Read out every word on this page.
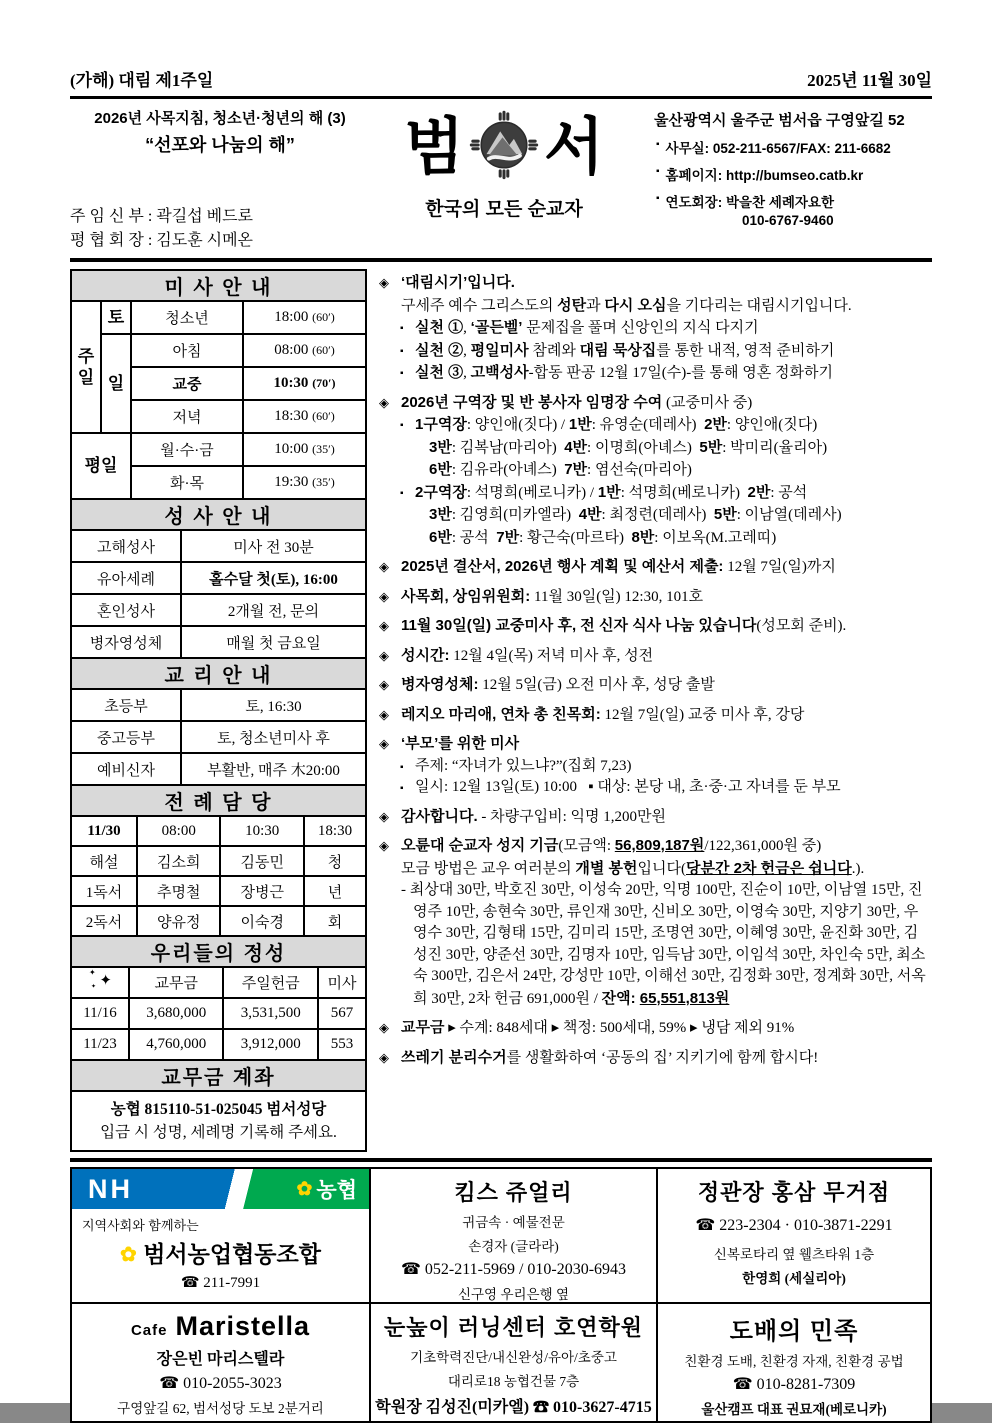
(가해) 대림 제1주일	2025년 11월 30일
2026년 사목지침, 청소년·청년의 해 (3)
“선포와 나눔의 해”
주 임 신 부 : 곽길섭 베드로
평 협 회 장 : 김도훈 시메온
범 서
한국의 모든 순교자
울산광역시 울주군 범서읍 구영앞길 52
▪ 사무실: 052-211-6567/FAX: 211-6682
▪ 홈페이지: http://bumseo.catb.kr
▪ 연도회장: 박을찬 세례자요한
010-6767-9460
미 사 안 내			
주일	토	청소년	18:00 (60′)
	일	아침	08:00 (60′)
		교중	10:30 (70′)
		저녁	18:30 (60′)
평일		월·수·금	10:00 (35′)
		화·목	19:30 (35′)
성 사 안 내	
고해성사	미사 전 30분
유아세례	홀수달 첫(토), 16:00
혼인성사	2개월 전, 문의
병자영성체	매월 첫 금요일
교 리 안 내	
초등부	토, 16:30
중고등부	토, 청소년미사 후
예비신자	부활반, 매주 木20:00
전 례 담 당			
11/30	08:00	10:30	18:30
해설	김소희	김동민	청
1독서	추명철	장병근	년
2독서	양유정	이숙경	회
우리들의 정성			

✦
✦ ✦	교무금	주일헌금	미사
11/16	3,680,000	3,531,500	567
11/23	4,760,000	3,912,000	553
교무금 계좌
농협 815110-51-025045 범서성당
입금 시 성명, 세례명 기록해 주세요.
◈ ‘대림시기’입니다.
구세주 예수 그리스도의 성탄과 다시 오심을 기다리는 대림시기입니다.
▪ 실천 ①, ‘골든벨’ 문제집을 풀며 신앙인의 지식 다지기
▪ 실천 ②, 평일미사 참례와 대림 묵상집를 통한 내적, 영적 준비하기
▪ 실천 ③, 고백성사-합동 판공 12월 17일(수)-를 통해 영혼 정화하기
◈ 2026년 구역장 및 반 봉사자 임명장 수여 (교중미사 중)
▪ 1구역장: 양인애(짓다) / 1반: 유영순(데레사)  2반: 양인애(짓다)
3반: 김복남(마리아)  4반: 이명희(아녜스)  5반: 박미리(율리아)
6반: 김유라(아녜스)  7반: 염선숙(마리아)
▪ 2구역장: 석명희(베로니카) / 1반: 석명희(베로니카)  2반: 공석
3반: 김영희(미카엘라)  4반: 최정련(데레사)  5반: 이남열(데레사)
6반: 공석  7반: 황근숙(마르타)  8반: 이보옥(M.고레띠)
◈ 2025년 결산서, 2026년 행사 계획 및 예산서 제출: 12월 7일(일)까지
◈ 사목회, 상임위원회: 11월 30일(일) 12:30, 101호
◈ 11월 30일(일) 교중미사 후, 전 신자 식사 나눔 있습니다(성모회 준비).
◈ 성시간: 12월 4일(목) 저녁 미사 후, 성전
◈ 병자영성체: 12월 5일(금) 오전 미사 후, 성당 출발
◈ 레지오 마리애, 연차 총 친목회: 12월 7일(일) 교중 미사 후, 강당
◈ ‘부모’를 위한 미사
▪ 주제: “자녀가 있느냐?”(집회 7,23)
▪ 일시: 12월 13일(토) 10:00   ▪ 대상: 본당 내, 초·중·고 자녀를 둔 부모
◈ 감사합니다. - 차량구입비: 익명 1,200만원
◈ 오륜대 순교자 성지 기금(모금액: 56,809,187원/122,361,000원 중)
모금 방법은 교우 여러분의 개별 봉헌입니다(당분간 2차 헌금은 쉽니다.).
- 최상대 30만, 박호진 30만, 이성숙 20만, 익명 100만, 진순이 10만, 이남열 15만, 진영주 10만, 송현숙 30만, 류인재 30만, 신비오 30만, 이영숙 30만, 지양기 30만, 우영수 30만, 김형태 15만, 김미리 15만, 조명연 30만, 이혜영 30만, 윤진화 30만, 김성진 30만, 양준선 30만, 김명자 10만, 임득남 30만, 이임석 30만, 차인숙 5만, 최소숙 300만, 김은서 24만, 강성만 10만, 이해선 30만, 김정화 30만, 정계화 30만, 서옥희 30만, 2차 헌금 691,000원 / 잔액: 65,551,813원
◈ 교무금 ▸ 수계: 848세대 ▸ 책정: 500세대, 59% ▸ 냉담 제외 91%
◈ 쓰레기 분리수거를 생활화하여 ‘공동의 집’ 지키기에 함께 합시다!
NH	✿ 농협
지역사회와 함께하는
✿ 범서농업협동조합
☎ 211-7991
킴스 쥬얼리
귀금속 · 예물전문
손경자 (글라라)
☎ 052-211-5969 / 010-2030-6943
신구영 우리은행 옆
정관장 홍삼 무거점
☎ 223-2304 · 010-3871-2291
신복로타리 옆 웰츠타워 1층
한영희 (세실리아)
Cafe Maristella
장은빈 마리스텔라
☎ 010-2055-3023
구영앞길 62, 범서성당 도보 2분거리
눈높이 러닝센터 호연학원
기초학력진단/내신완성/유아/초중고
대리로18 농협건물 7층
학원장 김성진(미카엘) ☎ 010-3627-4715
도배의 민족
친환경 도배, 친환경 자재, 친환경 공법
☎ 010-8281-7309
울산캠프 대표 권묘재(베로니카)
